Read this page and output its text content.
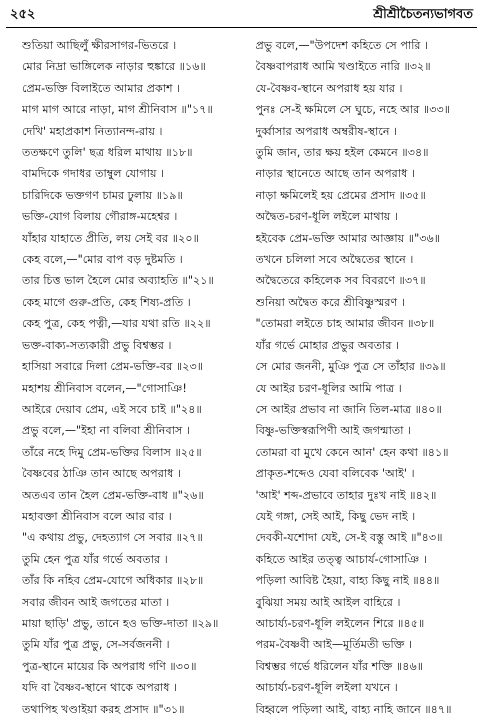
২৫২	শ্রীশ্রীচৈতন্যভাগবত
শুতিয়া আছিলুঁ ক্ষীরসাগর-ভিতরে ।
মোর নিদ্রা ভাঙ্গিলেক নাড়ার হুঙ্কারে ॥১৬॥
প্রেম-ভক্তি বিলাইতে আমার প্রকাশ ।
মাগ মাগ আরে নাড়া, মাগ শ্রীনিবাস ॥"১৭॥
দেখি' মহাপ্রকাশ নিত্যানন্দ-রায় ।
ততক্ষণে তুলি' ছত্র ধরিল মাথায় ॥১৮॥
বামদিকে গদাধর তাম্বুল যোগায় ।
চারিদিকে ভক্তগণ চামর ঢুলায় ॥১৯॥
ভক্তি-যোগ বিলায় গৌরাঙ্গ-মহেশ্বর ।
যাঁহার যাহাতে প্রীতি, লয় সেই বর ॥২০॥
কেহ বলে,—"মোর বাপ বড় দুষ্টমতি ।
তার চিত্ত ভাল হৈলে মোর অব্যাহতি ॥"২১॥
কেহ মাগে গুরু-প্রতি, কেহ শিষ্য-প্রতি ।
কেহ পুত্র, কেহ পত্নী,—যার যথা রতি ॥২২॥
ভক্ত-বাক্য-সত্যকারী প্রভু বিশ্বম্ভর ।
হাসিয়া সবারে দিলা প্রেম-ভক্তি-বর ॥২৩॥
মহাশয় শ্রীনিবাস বলেন,—"গোসাঞি!
আইরে দেয়াব প্রেম, এই সবে চাই ॥"২৪॥
প্রভু বলে,—"ইহা না বলিবা শ্রীনিবাস ।
তাঁরে নহে দিমু প্রেম-ভক্তির বিলাস ॥২৫॥
বৈষ্ণবের ঠাঞি তান আছে অপরাধ ।
অতএব তান হৈল প্রেম-ভক্তি-বাধ ॥"২৬॥
মহাবক্তা শ্রীনিবাস বলে আর বার ।
"এ কথায় প্রভু, দেহত্যাগ সে সবার ॥২৭॥
তুমি হেন পুত্র যাঁর গর্ভে অবতার ।
তাঁর কি নহিব প্রেম-যোগে অধিকার ॥২৮॥
সবার জীবন আই জগতের মাতা ।
মায়া ছাড়ি' প্রভু, তানে হও ভক্তি-দাতা ॥২৯॥
তুমি যাঁর পুত্র প্রভু, সে-সর্বজননী ।
পুত্র-স্থানে মায়ের কি অপরাধ গণি ॥৩০॥
যদি বা বৈষ্ণব-স্থানে থাকে অপরাধ ।
তথাপিহ খণ্ডাইয়া করহ প্রসাদ ॥"৩১॥
প্রভু বলে,—"উপদেশ কহিতে সে পারি ।
বৈষ্ণবাপরাধ আমি খণ্ডাইতে নারি ॥৩২॥
যে-বৈষ্ণব-স্থানে অপরাধ হয় যার ।
পুনঃ সে-ই ক্ষমিলে সে ঘুচে, নহে আর ॥৩৩॥
দুর্ব্বাসার অপরাধ অম্বরীষ-স্থানে ।
তুমি জান, তার ক্ষয় হইল কেমনে ॥৩৪॥
নাড়ার স্থানেতে আছে তান অপরাধ ।
নাড়া ক্ষমিলেই হয় প্রেমের প্রসাদ ॥৩৫॥
অদ্বৈত-চরণ-ধূলি লইলে মাথায় ।
হইবেক প্রেম-ভক্তি আমার আজ্ঞায় ॥"৩৬॥
তখনে চলিলা সবে অদ্বৈতের স্থানে ।
অদ্বৈতেরে কহিলেক সব বিবরণে ॥৩৭॥
শুনিয়া অদ্বৈত করে শ্রীবিষ্ণুস্মরণ ।
"তোমরা লইতে চাহ আমার জীবন ॥৩৮॥
যাঁর গর্ভে মোহার প্রভুর অবতার ।
সে মোর জননী, মুঞি পুত্র সে তাঁহার ॥৩৯॥
যে আইর চরণ-ধূলির আমি পাত্র ।
সে আইর প্রভাব না জানি তিল-মাত্র ॥৪০॥
বিষ্ণু-ভক্তিস্বরূপিণী আই জগন্মাতা ।
তোমরা বা মুখে কেনে আন' হেন কথা ॥৪১॥
প্রাকৃত-শব্দেও যেবা বলিবেক 'আই' ।
'আই' শব্দ-প্রভাবে তাহার দুঃখ নাই ॥৪২॥
যেই গঙ্গা, সেই আই, কিছু ভেদ নাই ।
দেবকী-যশোদা যেই, সে-ই বস্তু আই ॥"৪৩॥
কহিতে আইর তত্ত্ব আচার্য-গোসাঞি ।
পড়িলা আবিষ্ট হৈয়া, বাহ্য কিছু নাই ॥৪৪॥
বুঝিয়া সময় আই আইল বাহিরে ।
আচার্য্য-চরণ-ধূলি লইলেন শিরে ॥৪৫॥
পরম-বৈষ্ণবী আই—মূর্তিমতী ভক্তি ।
বিশ্বম্ভর গর্ভে ধরিলেন যাঁর শক্তি ॥৪৬॥
আচার্য্য-চরণ-ধূলি লইলা যখনে ।
বিহ্বলে পড়িলা আই, বাহ্য নাহি জানে ॥৪৭॥
